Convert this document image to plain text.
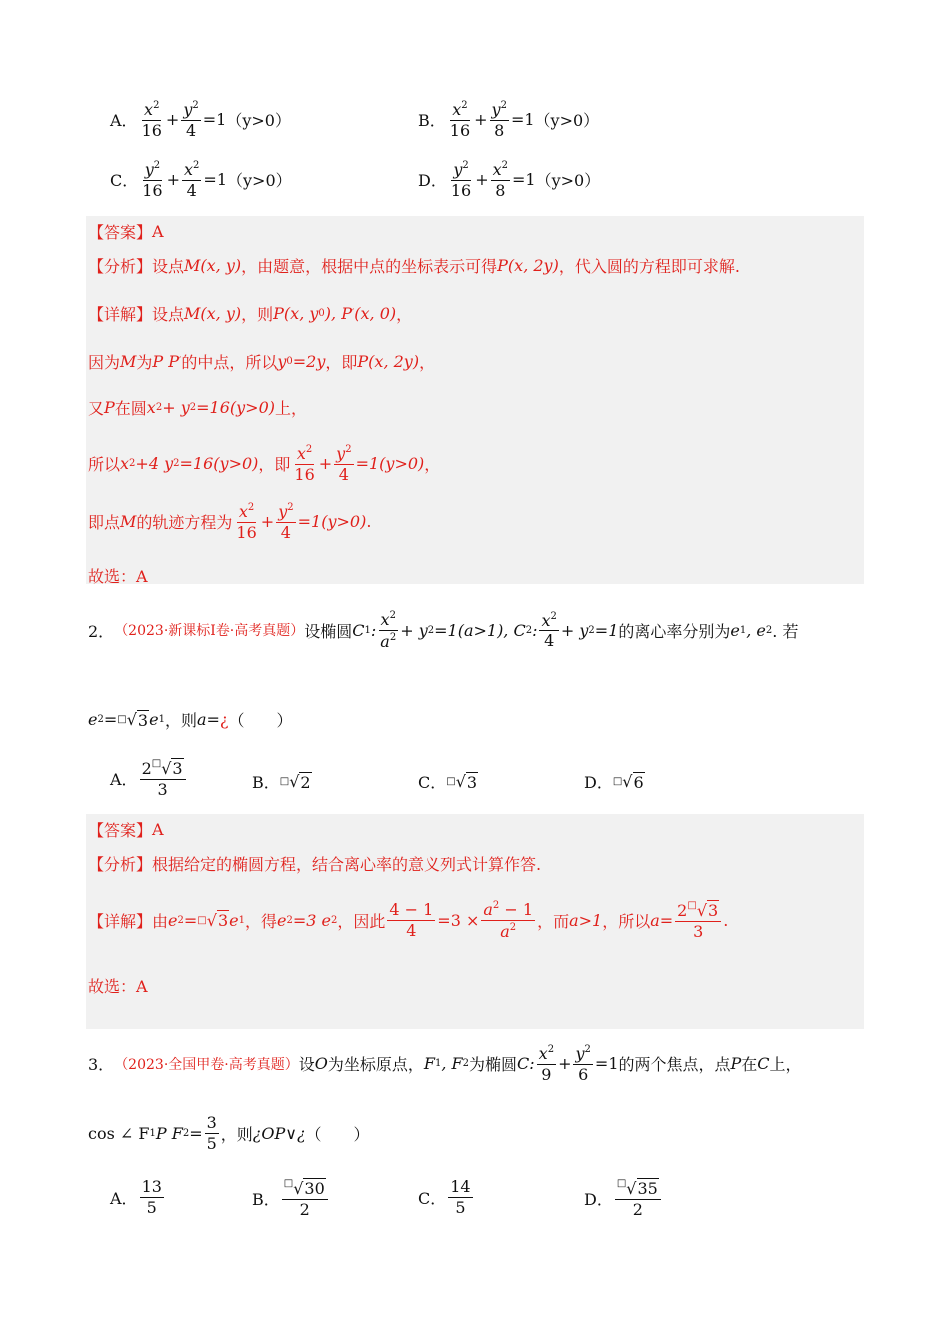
A． $\frac{x^2}{16} + \frac{y^2}{4} =1$ （y>0）	B． $\frac{x^2}{16} + \frac{y^2}{8} =1$ （y>0）
C． $\frac{y^2}{16} + \frac{x^2}{4} =1$ （y>0）	D． $\frac{y^2}{16} + \frac{x^2}{8} =1$ （y>0）
【答案】 A
【分析】 设点 M(x, y) ，由题意，根据中点的坐标表示可得 P(x, 2y) ，代入圆的方程即可求解.
【详解】 设点 M(x, y) ，则 P(x, y 0 ), P ′ (x, 0) ，
因为 M 为 P P ′ 的中点，所以 y 0 =2y ，即 P(x, 2y) ，
又 P 在圆 x 2 + y 2 =16(y>0) 上，
所以 x 2 +4 y 2 =16(y>0) ，即 $\frac{x^2}{16} + \frac{y^2}{4} =1(y>0)$ ，
即点 M 的轨迹方程为 $\frac{x^2}{16} + \frac{y^2}{4} =1(y>0)$ .
故选：A
2． （2023·新课标Ⅰ卷·高考真题） 设椭圆 C 1 : $\frac{x^2}{a^2} + y$ 2 =1(a>1), C 2 : $\frac{x^2}{4} + y$ 2 =1 的离心率分别为 e 1 , e 2 . 若
e 2 = □ √ 3 e 1 ，则 a= ¿ （　　）
A． $\frac{2^□√3}{3}$	B． □ √ 2	C． □ √ 3	D． □ √ 6
【答案】 A
【分析】 根据给定的椭圆方程，结合离心率的意义列式计算作答.
【详解】 由 e 2 = □ √ 3 e 1 ，得 e 2 =3 e 2 ，因此 $\frac{4 - 1}{4} =3 \times \frac{a^2 - 1}{a^2}$ ，而 a>1 ，所以 $a= \frac{2^□√3}{3}$ .
故选：A
3． （2023·全国甲卷·高考真题） 设 O 为坐标原点， F 1 , F 2 为椭圆 C: $\frac{x^2}{9} + \frac{y^2}{6} =1$ 的两个焦点，点 P 在 C 上，
cos ∠ F 1 P F $2 = \frac{3}{5}$ ，则 ¿OP∨¿ （　　）
A． $\frac{13}{5}$	B． $\frac{^□√30}{2}$	C． $\frac{14}{5}$	D． $\frac{^□√35}{2}$
